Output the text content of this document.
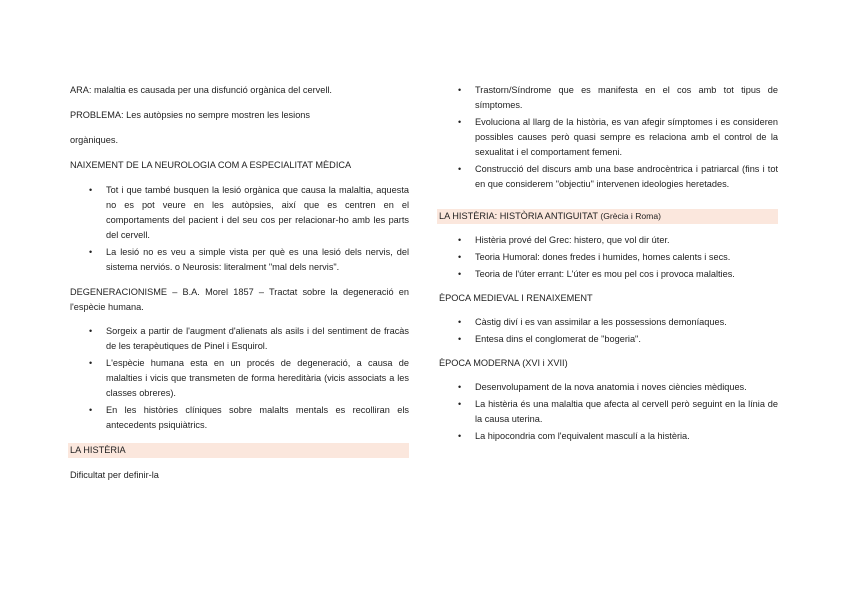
ARA: malaltia es causada per una disfunció orgànica del cervell.

PROBLEMA: Les autòpsies no sempre mostren les lesions

orgàniques.

NAIXEMENT DE LA NEUROLOGIA COM A ESPECIALITAT MÈDICA

• Tot i que també busquen la lesió orgànica que causa la malaltia, aquesta no es pot veure en les autòpsies, així que es centren en el comportaments del pacient i del seu cos per relacionar-ho amb les parts del cervell.
• La lesió no es veu a simple vista per què es una lesió dels nervis, del sistema nerviós. o Neurosis: literalment "mal dels nervis".

DEGENERACIONISME – B.A. Morel 1857 – Tractat sobre la degeneració en l'espècie humana.

• Sorgeix a partir de l'augment d'alienats als asils i del sentiment de fracàs de les terapèutiques de Pinel i Esquirol.
• L'espècie humana esta en un procés de degeneració, a causa de malalties i vicis que transmeten de forma hereditària (vicis associats a les classes obreres).
• En les històries clíniques sobre malalts mentals es recolliran els antecedents psiquiàtrics.

LA HISTÈRIA

Dificultat per definir-la

• Trastorn/Síndrome que es manifesta en el cos amb tot tipus de símptomes.
• Evoluciona al llarg de la història, es van afegir símptomes i es consideren possibles causes però quasi sempre es relaciona amb el control de la sexualitat i el comportament femeni.
• Construcció del discurs amb una base androcèntrica i patriarcal (fins i tot en que considerem "objectiu" intervenen ideologies heretades.

LA HISTÈRIA: HISTÒRIA ANTIGUITAT (Grècia i Roma)

• Histèria prové del Grec: histero, que vol dir úter.
• Teoria Humoral: dones fredes i humides, homes calents i secs.
• Teoria de l'úter errant: L'úter es mou pel cos i provoca malalties.

ÈPOCA MEDIEVAL I RENAIXEMENT

• Càstig diví i es van assimilar a les possessions demoníaques.
• Entesa dins el conglomerat de "bogeria".

ÈPOCA MODERNA (XVI i XVII)

• Desenvolupament de la nova anatomia i noves ciències mèdiques.
• La histèria és una malaltia que afecta al cervell però seguint en la línia de la causa uterina.
• La hipocondria com l'equivalent masculí a la histèria.
